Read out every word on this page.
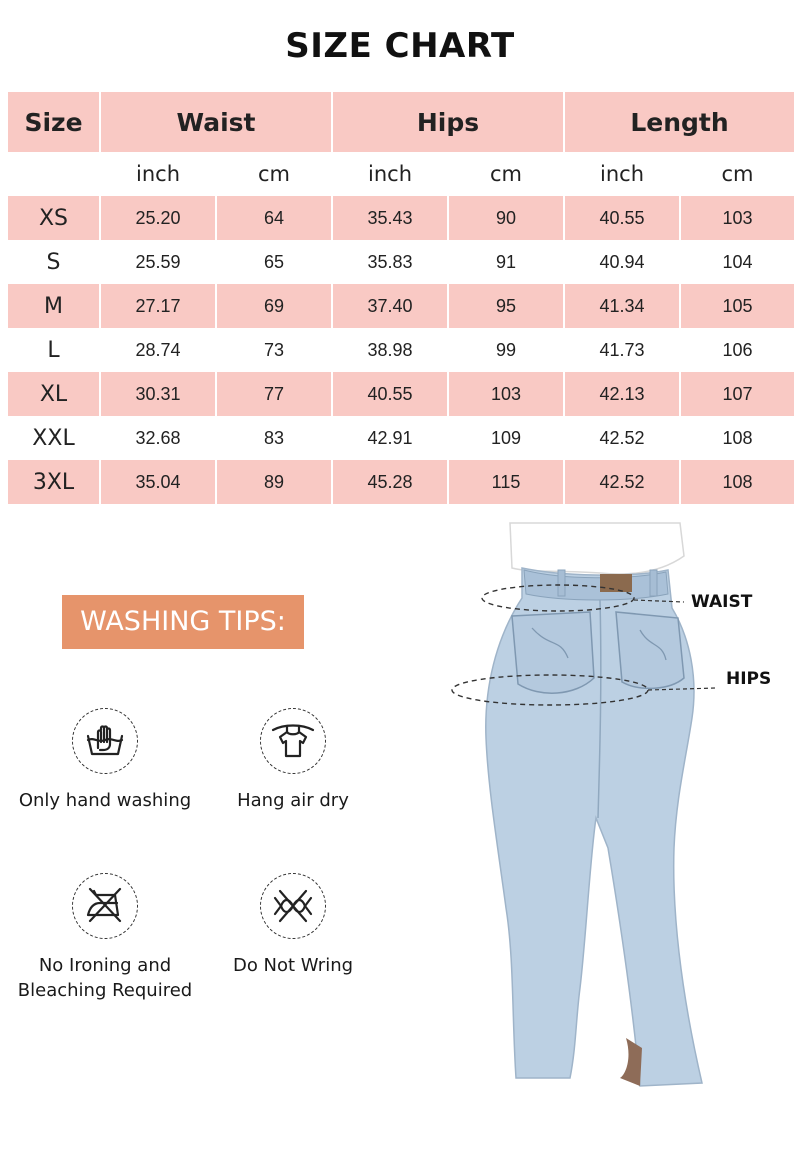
SIZE CHART
Size	Waist		Hips		Length	
	inch	cm	inch	cm	inch	cm
XS	25.20	64	35.43	90	40.55	103
S	25.59	65	35.83	91	40.94	104
M	27.17	69	37.40	95	41.34	105
L	28.74	73	38.98	99	41.73	106
XL	30.31	77	40.55	103	42.13	107
XXL	32.68	83	42.91	109	42.52	108
3XL	35.04	89	45.28	115	42.52	108
WASHING TIPS:
Only hand washing	Hang air dry
No Ironing and Bleaching Required
Do Not Wring
WAIST
HIPS
